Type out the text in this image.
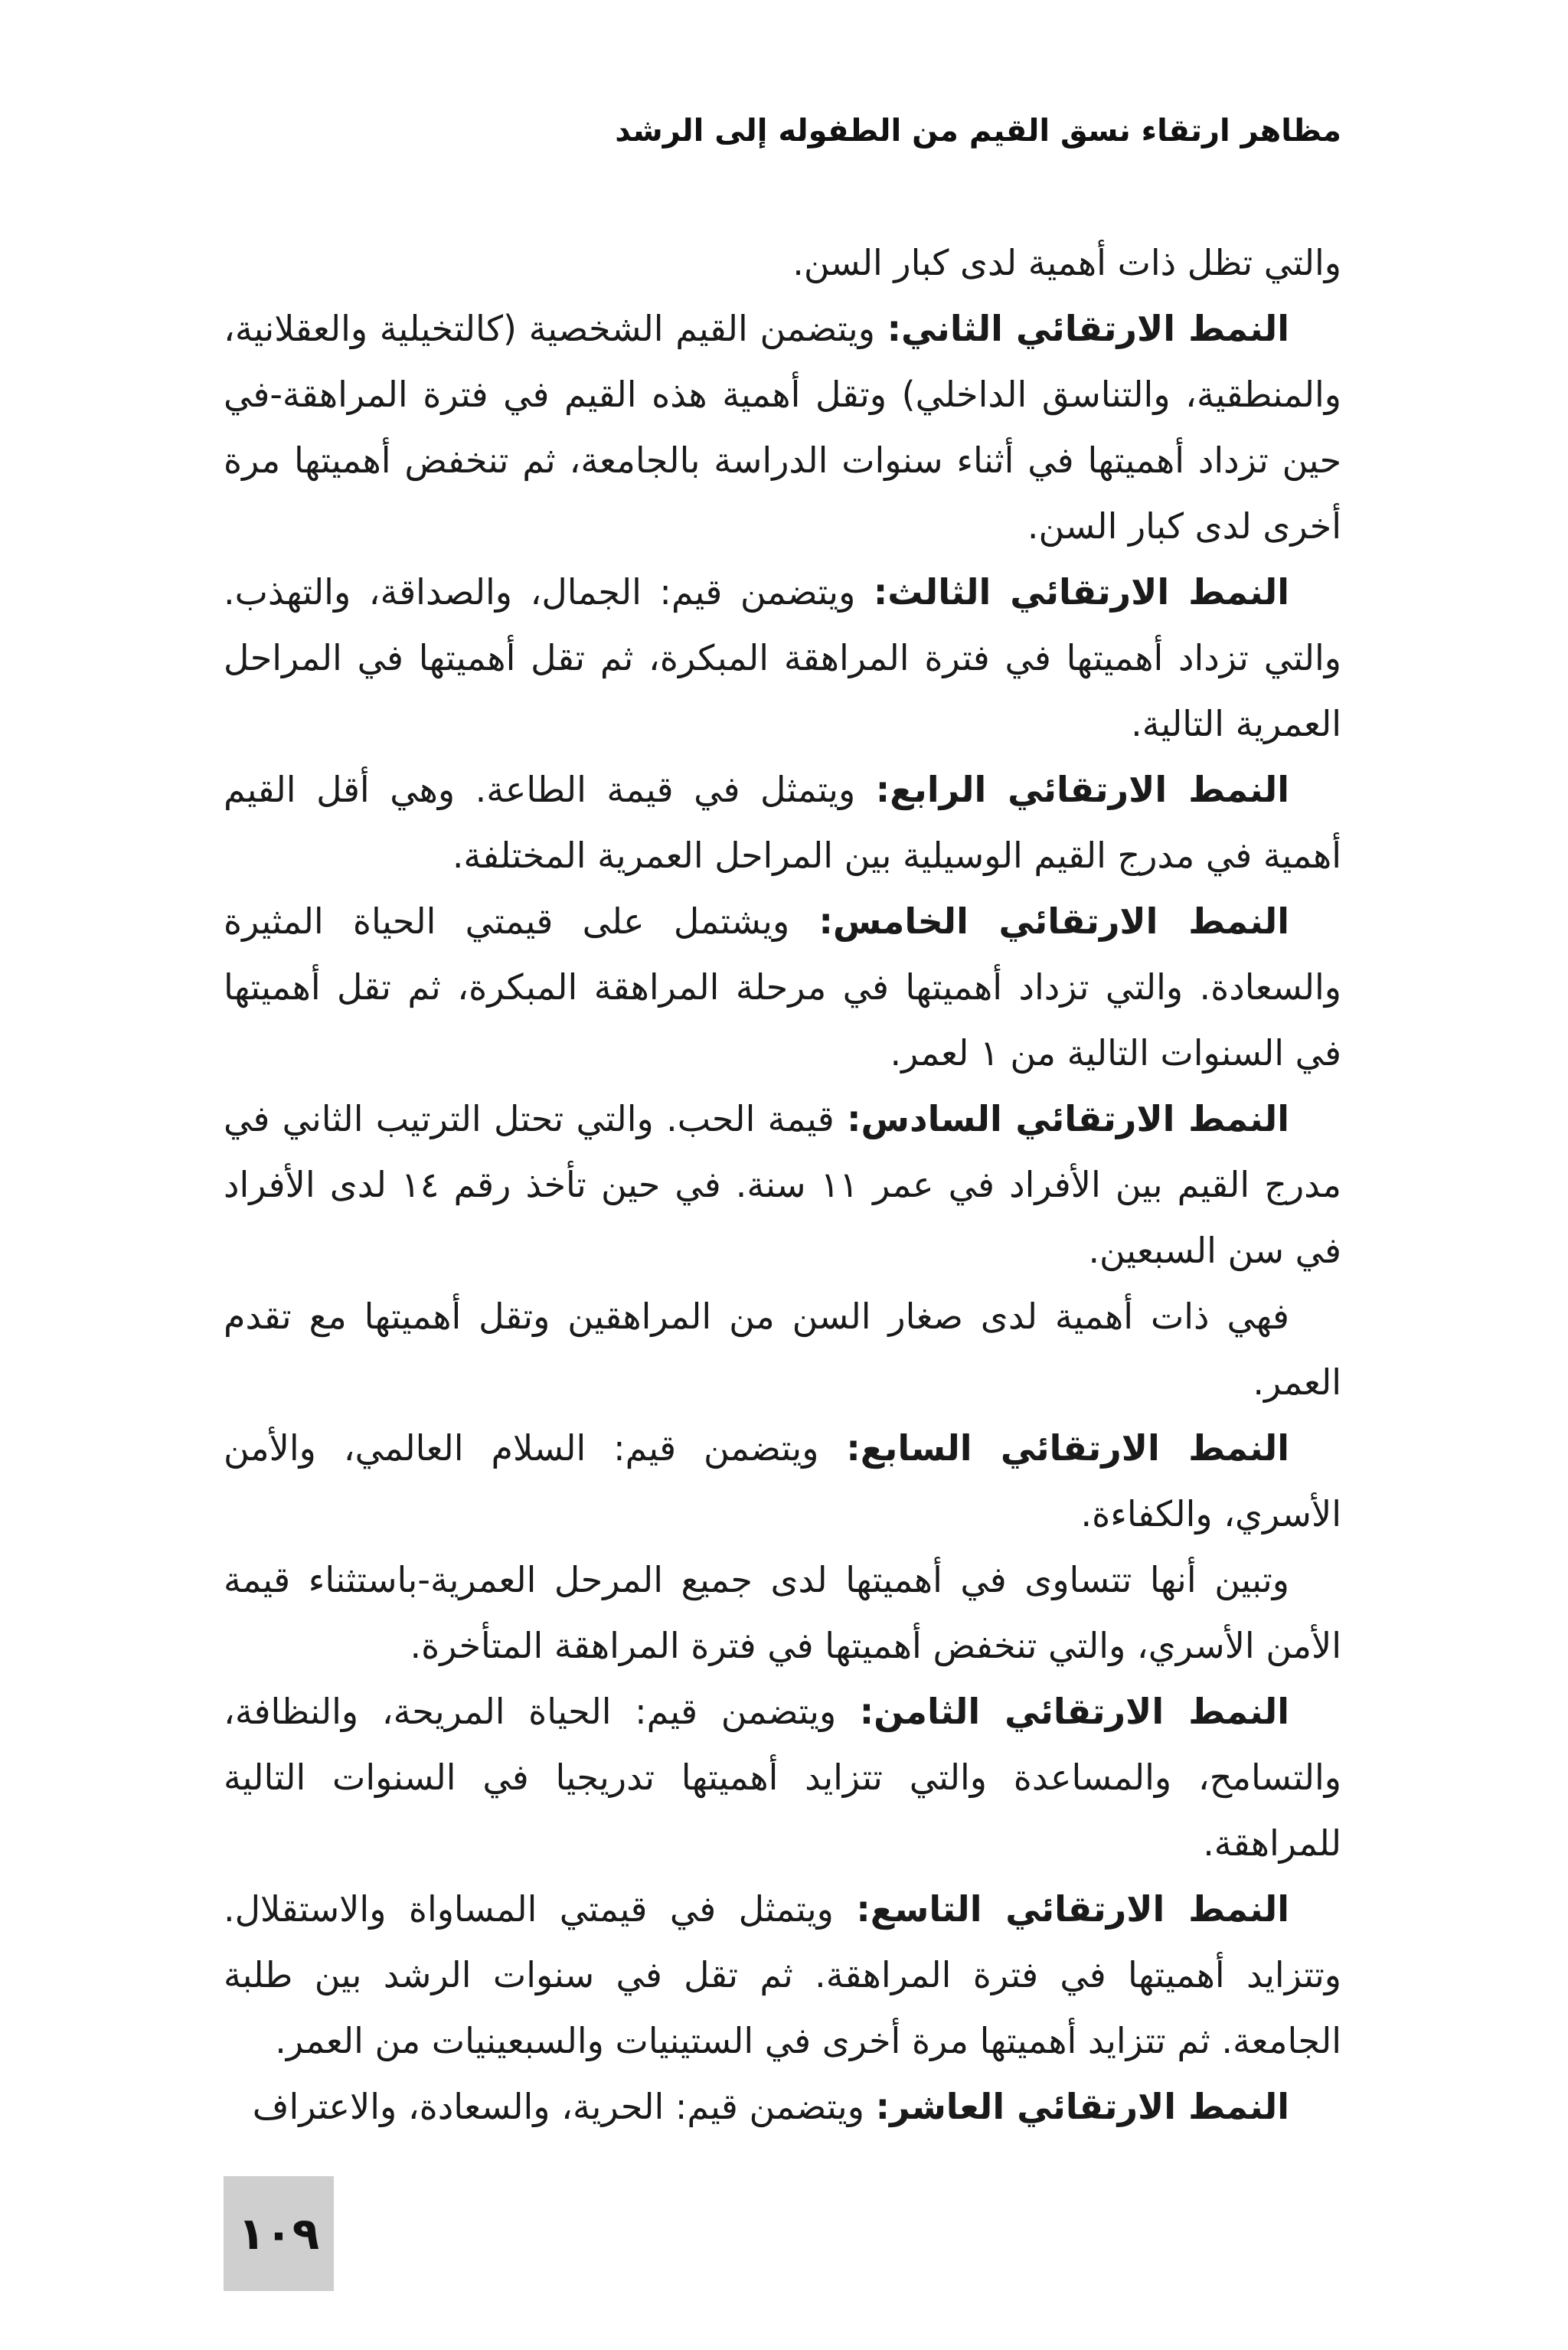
مظاهر ارتقاء نسق القيم من الطفوله إلى الرشد

والتي تظل ذات أهمية لدى كبار السن.

النمط الارتقائي الثاني: ويتضمن القيم الشخصية (كالتخيلية والعقلانية، والمنطقية، والتناسق الداخلي) وتقل أهمية هذه القيم في فترة المراهقة-في حين تزداد أهميتها في أثناء سنوات الدراسة بالجامعة، ثم تنخفض أهميتها مرة أخرى لدى كبار السن.

النمط الارتقائي الثالث: ويتضمن قيم: الجمال، والصداقة، والتهذب. والتي تزداد أهميتها في فترة المراهقة المبكرة، ثم تقل أهميتها في المراحل العمرية التالية.

النمط الارتقائي الرابع: ويتمثل في قيمة الطاعة. وهي أقل القيم أهمية في مدرج القيم الوسيلية بين المراحل العمرية المختلفة.

النمط الارتقائي الخامس: ويشتمل على قيمتي الحياة المثيرة والسعادة. والتي تزداد أهميتها في مرحلة المراهقة المبكرة، ثم تقل أهميتها في السنوات التالية من ١ لعمر.

النمط الارتقائي السادس: قيمة الحب. والتي تحتل الترتيب الثاني في مدرج القيم بين الأفراد في عمر ١١ سنة. في حين تأخذ رقم ١٤ لدى الأفراد في سن السبعين.

فهي ذات أهمية لدى صغار السن من المراهقين وتقل أهميتها مع تقدم العمر.

النمط الارتقائي السابع: ويتضمن قيم: السلام العالمي، والأمن الأسري، والكفاءة.

وتبين أنها تتساوى في أهميتها لدى جميع المرحل العمرية-باستثناء قيمة الأمن الأسري، والتي تنخفض أهميتها في فترة المراهقة المتأخرة.

النمط الارتقائي الثامن: ويتضمن قيم: الحياة المريحة، والنظافة، والتسامح، والمساعدة والتي تتزايد أهميتها تدريجيا في السنوات التالية للمراهقة.

النمط الارتقائي التاسع: ويتمثل في قيمتي المساواة والاستقلال. وتتزايد أهميتها في فترة المراهقة. ثم تقل في سنوات الرشد بين طلبة الجامعة. ثم تتزايد أهميتها مرة أخرى في الستينيات والسبعينيات من العمر.

النمط الارتقائي العاشر: ويتضمن قيم: الحرية، والسعادة، والاعتراف

١٠٩
